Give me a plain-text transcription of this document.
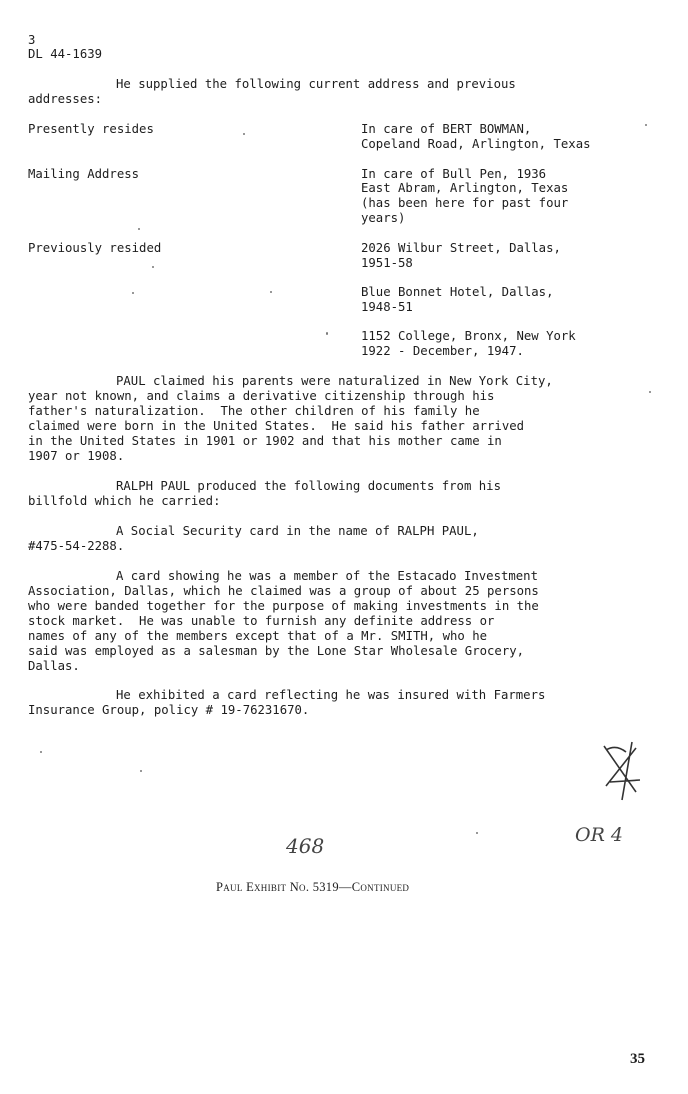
3
DL 44-1639
He supplied the following current address and previous
addresses:
Presently resides	In care of BERT BOWMAN,
Copeland Road, Arlington, Texas
Mailing Address	In care of Bull Pen, 1936
East Abram, Arlington, Texas
(has been here for past four
years)
Previously resided	2026 Wilbur Street, Dallas,
1951-58
Blue Bonnet Hotel, Dallas,
1948-51
1152 College, Bronx, New York
1922 - December, 1947.
PAUL claimed his parents were naturalized in New York City,
year not known, and claims a derivative citizenship through his
father's naturalization.  The other children of his family he
claimed were born in the United States.  He said his father arrived
in the United States in 1901 or 1902 and that his mother came in
1907 or 1908.
RALPH PAUL produced the following documents from his
billfold which he carried:
A Social Security card in the name of RALPH PAUL,
#475-54-2288.
A card showing he was a member of the Estacado Investment
Association, Dallas, which he claimed was a group of about 25 persons
who were banded together for the purpose of making investments in the
stock market.  He was unable to furnish any definite address or
names of any of the members except that of a Mr. SMITH, who he
said was employed as a salesman by the Lone Star Wholesale Grocery,
Dallas.
He exhibited a card reflecting he was insured with Farmers
Insurance Group, policy # 19-76231670.
468	OR 4
Paul Exhibit No. 5319—Continued
35
